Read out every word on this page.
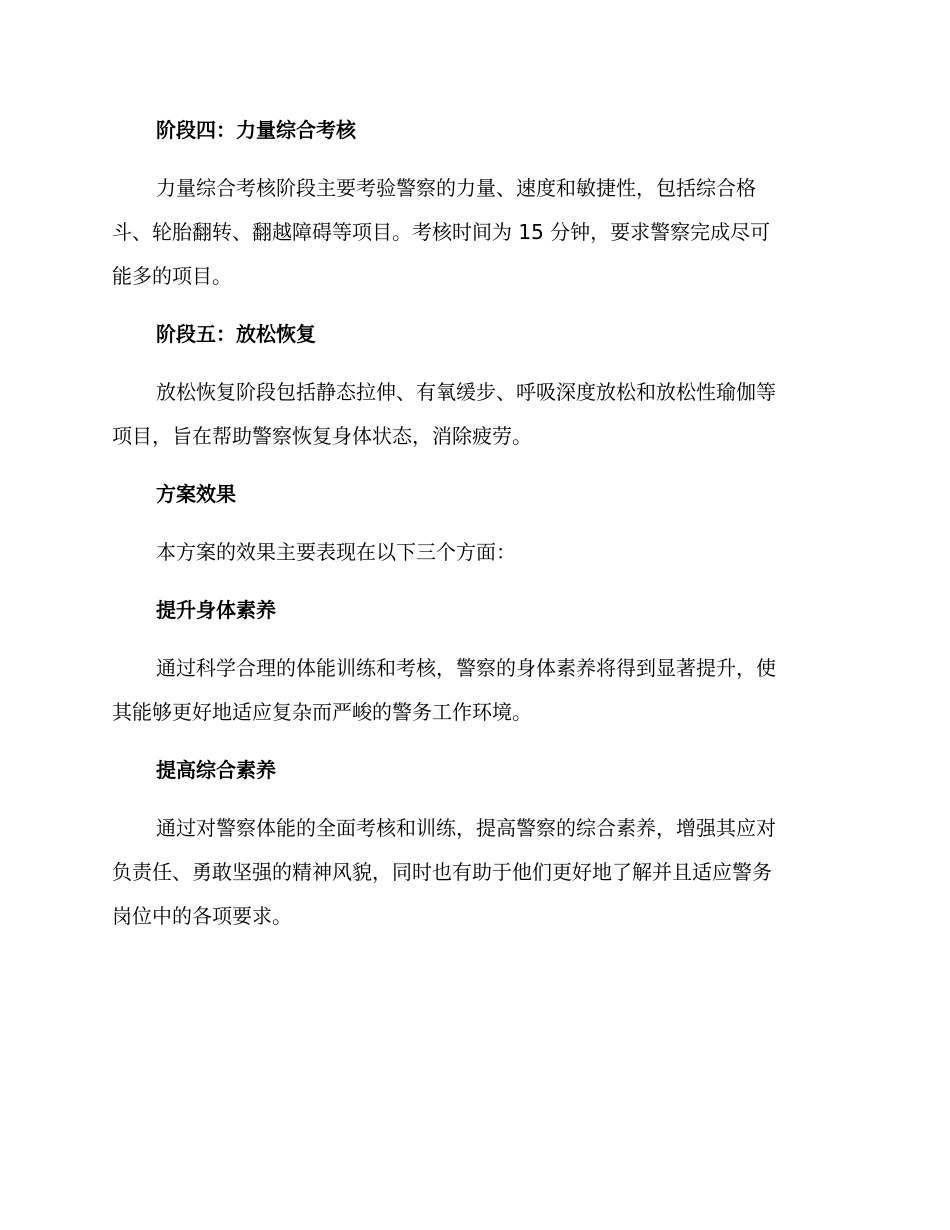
阶段四：力量综合考核
力量综合考核阶段主要考验警察的力量、速度和敏捷性，包括综合格
斗、轮胎翻转、翻越障碍等项目。考核时间为 15 分钟，要求警察完成尽可
能多的项目。
阶段五：放松恢复
放松恢复阶段包括静态拉伸、有氧缓步、呼吸深度放松和放松性瑜伽等
项目，旨在帮助警察恢复身体状态，消除疲劳。
方案效果
本方案的效果主要表现在以下三个方面：
提升身体素养
通过科学合理的体能训练和考核，警察的身体素养将得到显著提升，使
其能够更好地适应复杂而严峻的警务工作环境。
提高综合素养
通过对警察体能的全面考核和训练，提高警察的综合素养，增强其应对
负责任、勇敢坚强的精神风貌，同时也有助于他们更好地了解并且适应警务
岗位中的各项要求。
